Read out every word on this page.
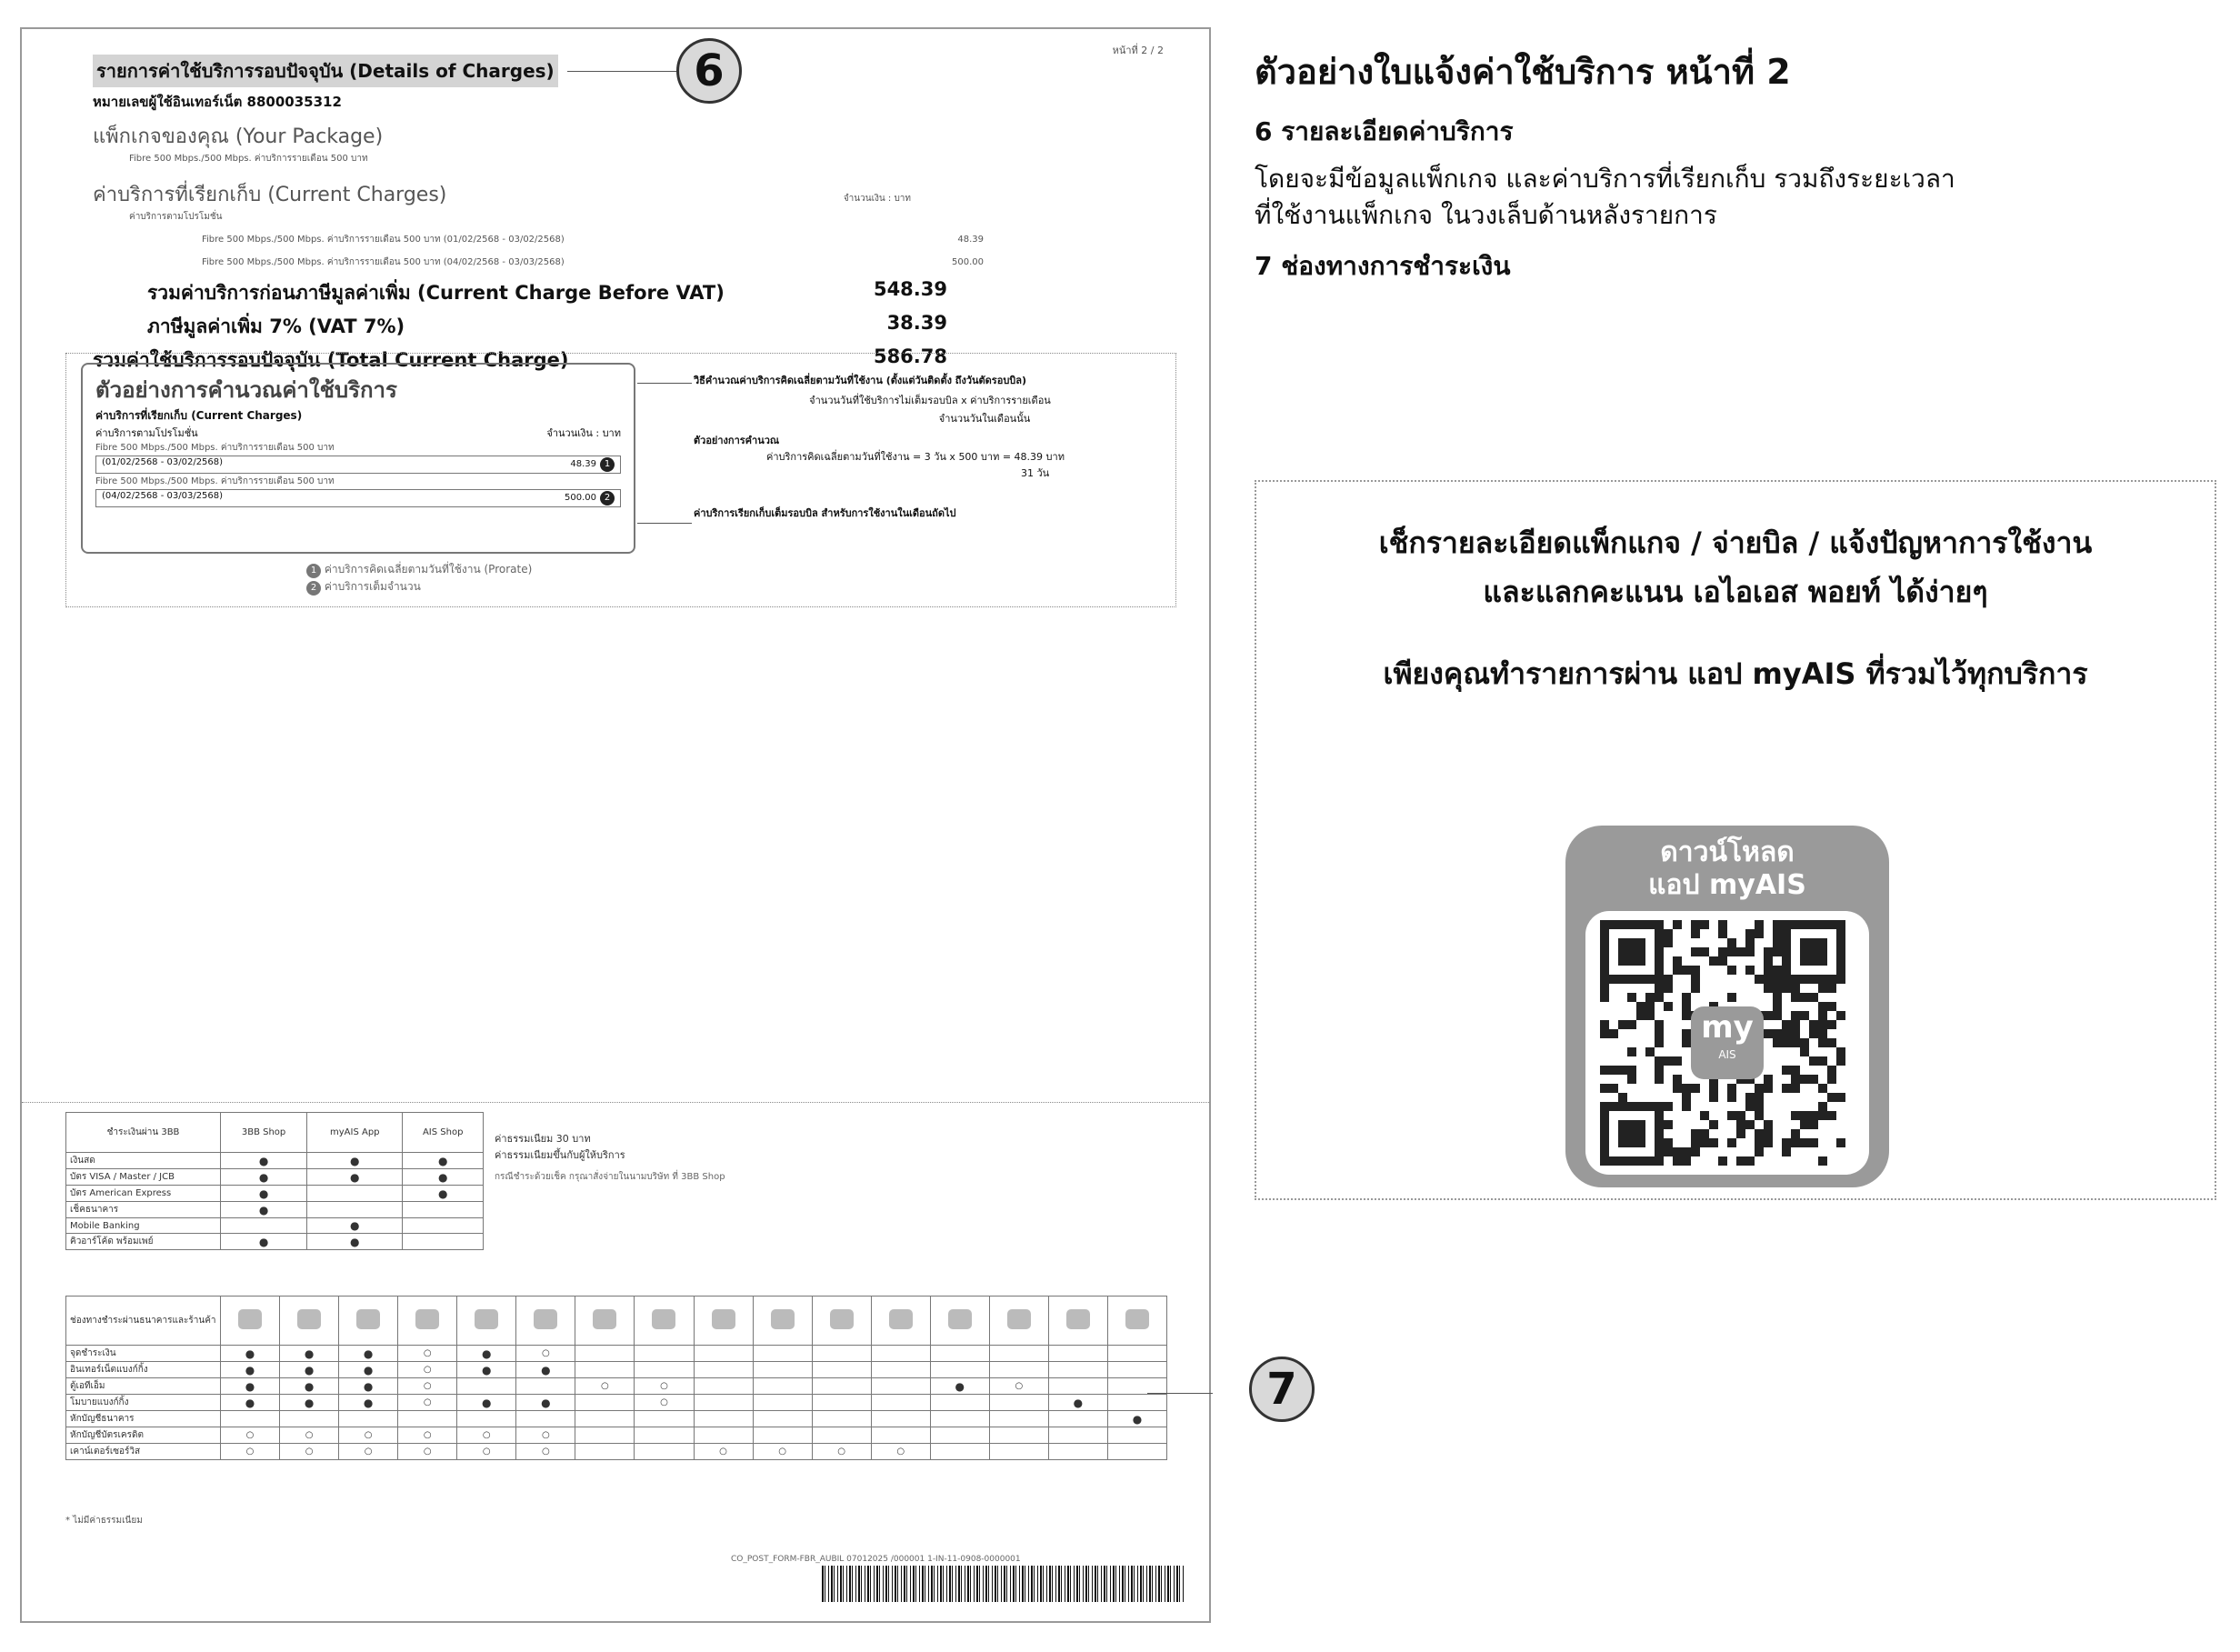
หน้าที่ 2 / 2
รายการค่าใช้บริการรอบปัจจุบัน (Details of Charges)
หมายเลขผู้ใช้อินเทอร์เน็ต 8800035312
แพ็กเกจของคุณ (Your Package)
Fibre 500 Mbps./500 Mbps. ค่าบริการรายเดือน 500 บาท
ค่าบริการที่เรียกเก็บ (Current Charges)	จำนวนเงิน : บาท
ค่าบริการตามโปรโมชั่น
Fibre 500 Mbps./500 Mbps. ค่าบริการรายเดือน 500 บาท (01/02/2568 - 03/02/2568)	48.39
Fibre 500 Mbps./500 Mbps. ค่าบริการรายเดือน 500 บาท (04/02/2568 - 03/03/2568)	500.00
รวมค่าบริการก่อนภาษีมูลค่าเพิ่ม (Current Charge Before VAT)	548.39
ภาษีมูลค่าเพิ่ม 7% (VAT 7%)	38.39
รวมค่าใช้บริการรอบปัจจุบัน (Total Current Charge)	586.78
6
ตัวอย่างการคำนวณค่าใช้บริการ
ค่าบริการที่เรียกเก็บ (Current Charges)
ค่าบริการตามโปรโมชั่น	จำนวนเงิน : บาท
Fibre 500 Mbps./500 Mbps. ค่าบริการรายเดือน 500 บาท
(01/02/2568 - 03/02/2568)	48.39 1
Fibre 500 Mbps./500 Mbps. ค่าบริการรายเดือน 500 บาท
(04/02/2568 - 03/03/2568)	500.00 2
วิธีคำนวณค่าบริการคิดเฉลี่ยตามวันที่ใช้งาน (ตั้งแต่วันติดตั้ง ถึงวันตัดรอบบิล)
จำนวนวันที่ใช้บริการไม่เต็มรอบบิล x ค่าบริการรายเดือน
จำนวนวันในเดือนนั้น
ตัวอย่างการคำนวณ
ค่าบริการคิดเฉลี่ยตามวันที่ใช้งาน = 3 วัน x 500 บาท = 48.39 บาท
31 วัน
ค่าบริการเรียกเก็บเต็มรอบบิล สำหรับการใช้งานในเดือนถัดไป
1 ค่าบริการคิดเฉลี่ยตามวันที่ใช้งาน (Prorate)
2 ค่าบริการเต็มจำนวน
ชำระเงินผ่าน 3BB	3BB Shop	myAIS App	AIS Shop
เงินสด	●	●	●
บัตร VISA / Master / JCB	●	●	●
บัตร American Express	●		●
เช็คธนาคาร	●		
Mobile Banking		●	
คิวอาร์โค้ด พร้อมเพย์	●	●	
ค่าธรรมเนียม 30 บาท
ค่าธรรมเนียมขึ้นกับผู้ให้บริการ
กรณีชำระด้วยเช็ค กรุณาสั่งจ่ายในนามบริษัท ที่ 3BB Shop
ช่องทางชำระผ่านธนาคารและร้านค้า																
จุดชำระเงิน	●	●	●	○	●	○										
อินเทอร์เน็ตแบงก์กิ้ง	●	●	●	○	●	●										
ตู้เอทีเอ็ม	●	●	●	○			○	○					●	○		
โมบายแบงก์กิ้ง	●	●	●	○	●	●		○							●	
หักบัญชีธนาคาร																●
หักบัญชีบัตรเครดิต	○	○	○	○	○	○										
เคาน์เตอร์เซอร์วิส	○	○	○	○	○	○			○	○	○	○				
* ไม่มีค่าธรรมเนียม
CO_POST_FORM-FBR_AUBIL 07012025 /000001 1-IN-11-0908-0000001
7
ตัวอย่างใบแจ้งค่าใช้บริการ หน้าที่ 2
6 รายละเอียดค่าบริการ
โดยจะมีข้อมูลแพ็กเกจ และค่าบริการที่เรียกเก็บ รวมถึงระยะเวลา
ที่ใช้งานแพ็กเกจ ในวงเล็บด้านหลังรายการ
7 ช่องทางการชำระเงิน
เช็กรายละเอียดแพ็กแกจ / จ่ายบิล / แจ้งปัญหาการใช้งาน
และแลกคะแนน เอไอเอส พอยท์ ได้ง่ายๆ
เพียงคุณทำรายการผ่าน แอป myAIS ที่รวมไว้ทุกบริการ
ดาวน์โหลด
แอป myAIS
my
AIS
